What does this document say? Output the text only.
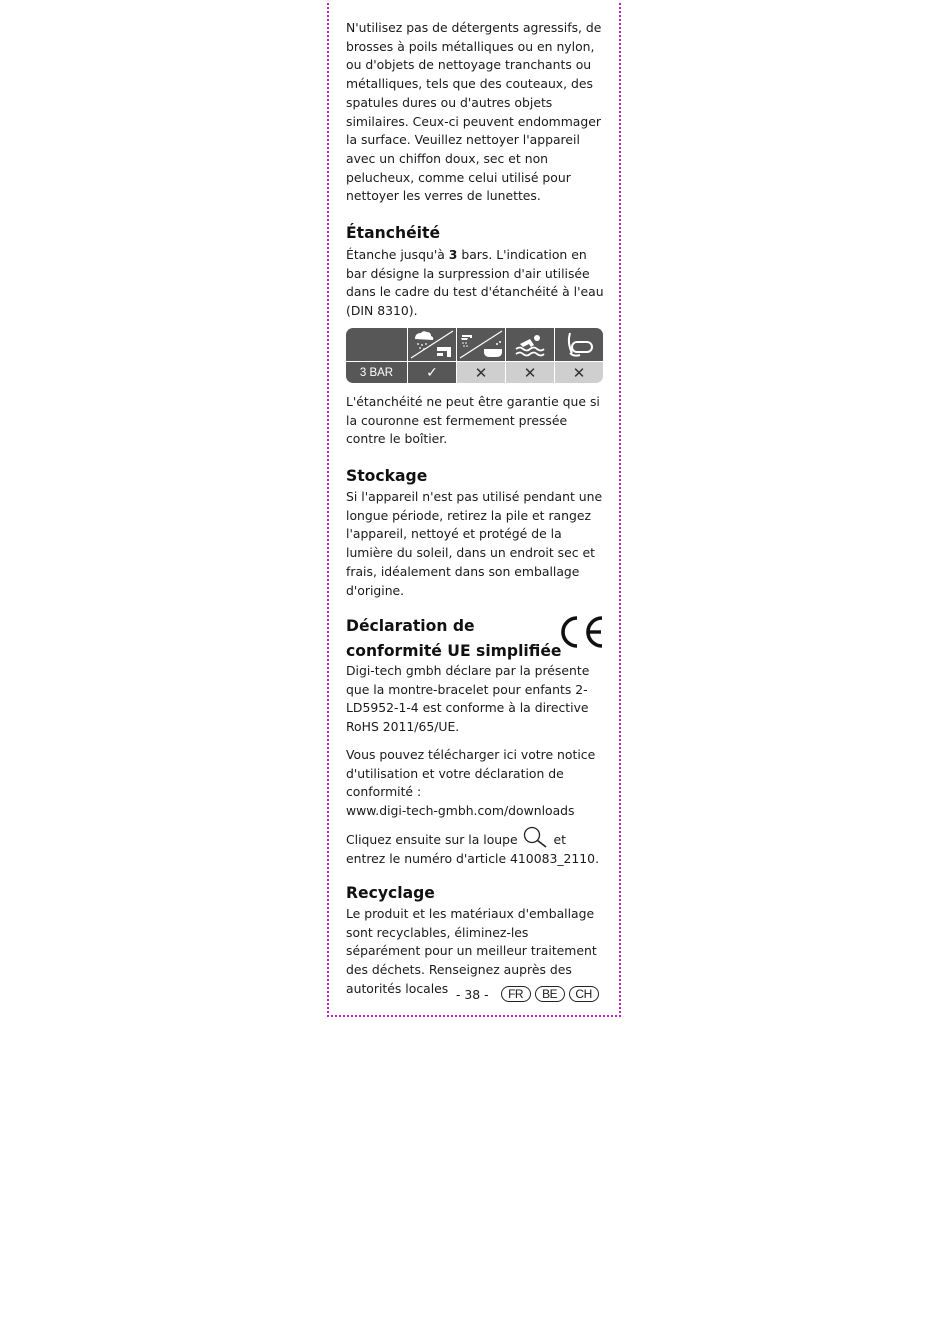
N'utilisez pas de détergents agressifs, de brosses à poils métalliques ou en nylon, ou d'objets de nettoyage tranchants ou métalliques, tels que des couteaux, des spatules dures ou d'autres objets similaires. Ceux-ci peuvent endommager la surface. Veuillez nettoyer l'appareil avec un chiffon doux, sec et non pelucheux, comme celui utilisé pour nettoyer les verres de lunettes.
Étanchéité
Étanche jusqu'à 3 bars. L'indication en bar désigne la surpression d'air utilisée dans le cadre du test d'étanchéité à l'eau (DIN 8310).
3 BAR	✓	✕	✕	✕
L'étanchéité ne peut être garantie que si la couronne est fermement pressée contre le boîtier.
Stockage
Si l'appareil n'est pas utilisé pendant une longue période, retirez la pile et rangez l'appareil, nettoyé et protégé de la lumière du soleil, dans un endroit sec et frais, idéalement dans son emballage d'origine.
Déclaration de
conformité UE simplifiée
Digi-tech gmbh déclare par la présente que la montre-bracelet pour enfants 2-LD5952-1-4 est conforme à la directive RoHS 2011/65/UE.
Vous pouvez télécharger ici votre notice d'utilisation et votre déclaration de conformité :
www.digi-tech-gmbh.com/downloads
Cliquez ensuite sur la loupe  et entrez le numéro d'article 410083_2110.
Recyclage
Le produit et les matériaux d'emballage sont recyclables, éliminez-les séparément pour un meilleur traitement des déchets. Renseignez auprès des autorités locales - 38 -	FR	BE	CH
